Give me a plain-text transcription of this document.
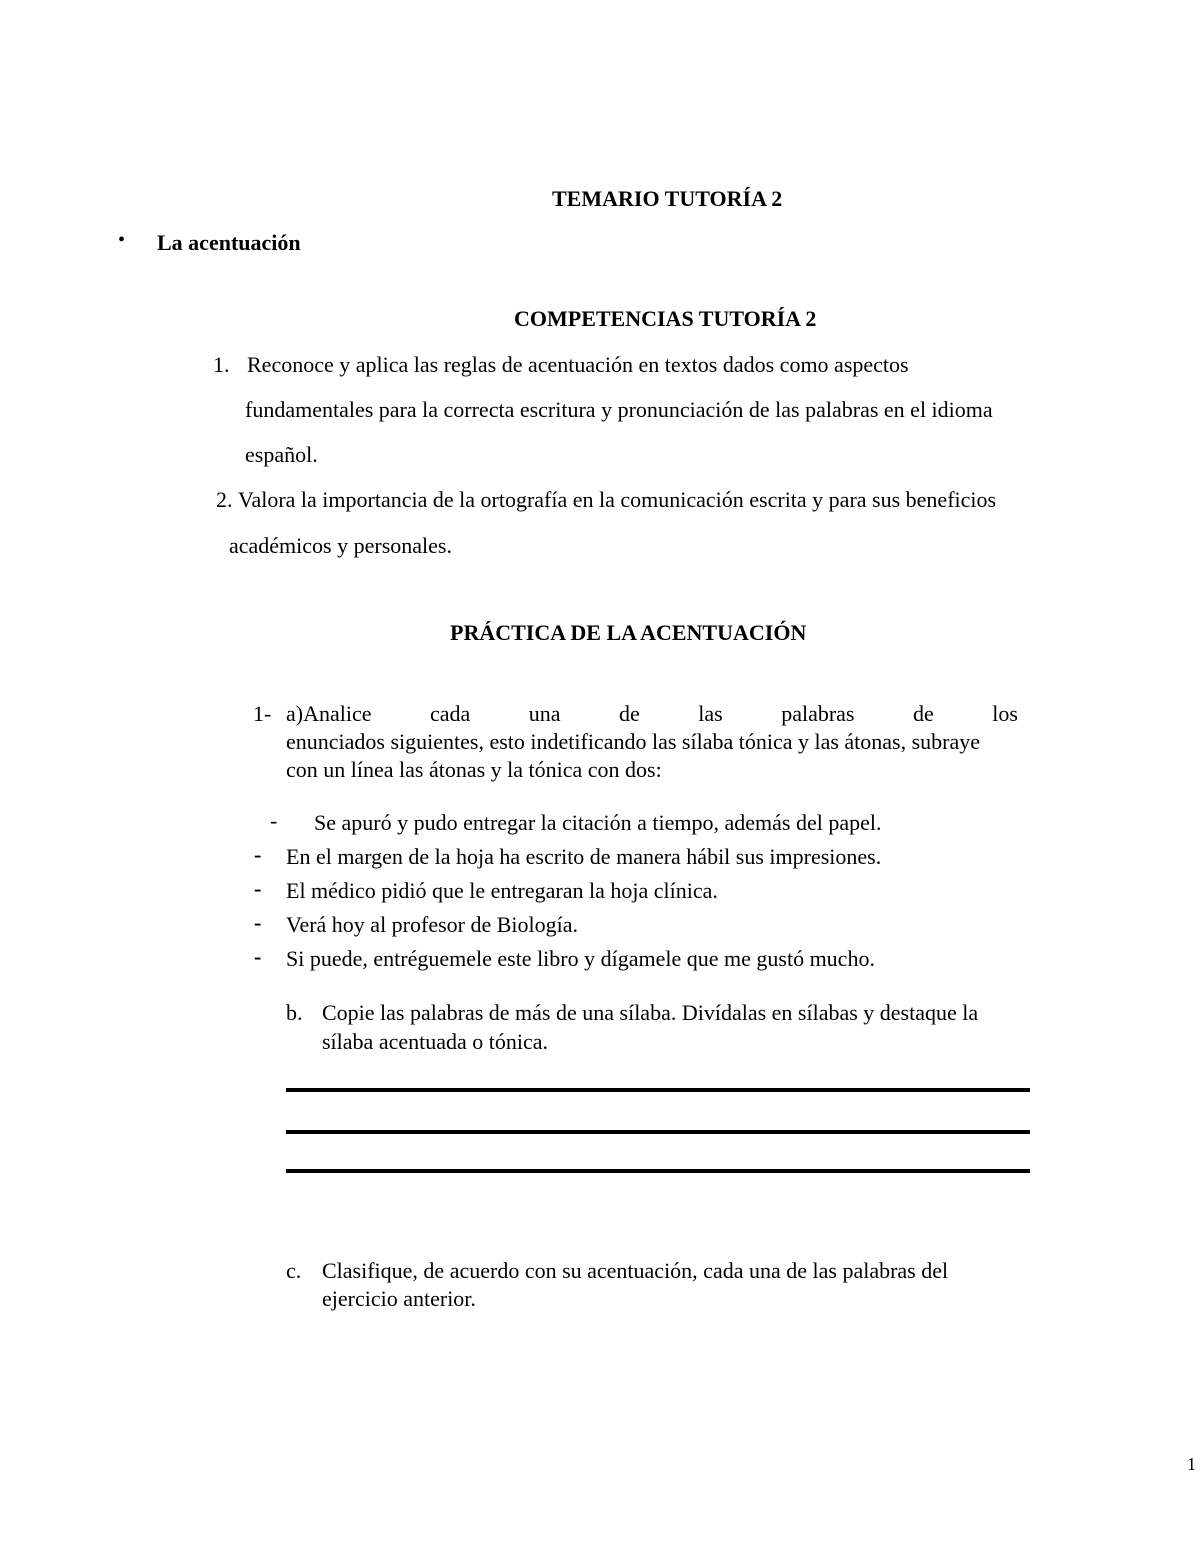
TEMARIO TUTORÍA 2
• La acentuación
COMPETENCIAS TUTORÍA 2
1. Reconoce y aplica las reglas de acentuación en textos dados como aspectos
fundamentales para la correcta escritura y pronunciación de las palabras en el idioma
español.
2. Valora la importancia de la ortografía en la comunicación escrita y para sus beneficios
académicos y personales.
PRÁCTICA DE LA ACENTUACIÓN
1- a)Analice	cada	una	de	las	palabras	de	los
enunciados siguientes, esto indetificando las sílaba tónica y las átonas, subraye
con un línea las átonas y la tónica con dos:
- Se apuró y pudo entregar la citación a tiempo, además del papel.
‑ En el margen de la hoja ha escrito de manera hábil sus impresiones.
‑ El médico pidió que le entregaran la hoja clínica.
‑ Verá hoy al profesor de Biología.
‑ Si puede, entréguemele este libro y dígamele que me gustó mucho.
b. Copie las palabras de más de una sílaba. Divídalas en sílabas y destaque la
sílaba acentuada o tónica.
c. Clasifique, de acuerdo con su acentuación, cada una de las palabras del
ejercicio anterior.
1
